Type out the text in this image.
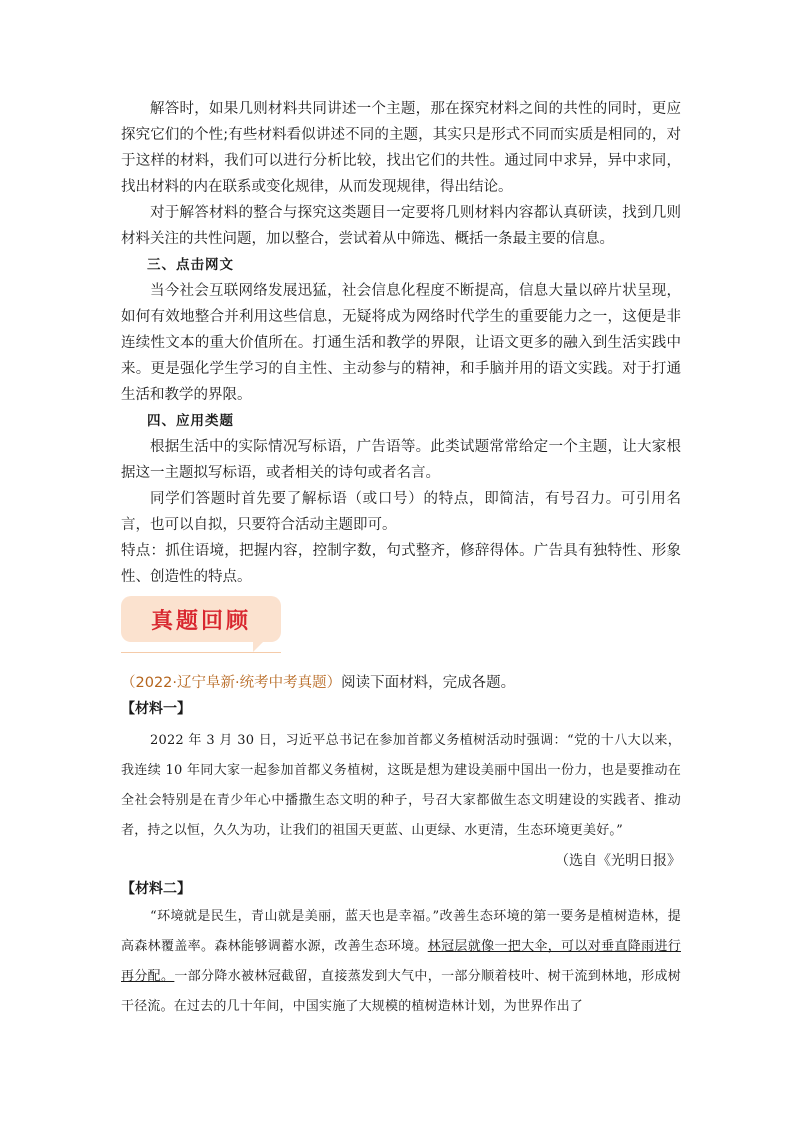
解答时，如果几则材料共同讲述一个主题，那在探究材料之间的共性的同时，更应探究它们的个性;有些材料看似讲述不同的主题，其实只是形式不同而实质是相同的，对于这样的材料，我们可以进行分析比较，找出它们的共性。通过同中求异，异中求同，找出材料的内在联系或变化规律，从而发现规律，得出结论。

对于解答材料的整合与探究这类题目一定要将几则材料内容都认真研读，找到几则材料关注的共性问题，加以整合，尝试着从中筛选、概括一条最主要的信息。

三、点击网文

当今社会互联网络发展迅猛，社会信息化程度不断提高，信息大量以碎片状呈现，如何有效地整合并利用这些信息，无疑将成为网络时代学生的重要能力之一，这便是非连续性文本的重大价值所在。打通生活和教学的界限，让语文更多的融入到生活实践中来。更是强化学生学习的自主性、主动参与的精神，和手脑并用的语文实践。对于打通生活和教学的界限。

四、应用类题

根据生活中的实际情况写标语，广告语等。此类试题常常给定一个主题，让大家根据这一主题拟写标语，或者相关的诗句或者名言。

同学们答题时首先要了解标语（或口号）的特点，即简洁，有号召力。可引用名言，也可以自拟，只要符合活动主题即可。

特点：抓住语境，把握内容，控制字数，句式整齐，修辞得体。广告具有独特性、形象性、创造性的特点。

真题回顾

（2022·辽宁阜新·统考中考真题）阅读下面材料，完成各题。

【材料一】

2022 年 3 月 30 日，习近平总书记在参加首都义务植树活动时强调：“党的十八大以来，我连续 10 年同大家一起参加首都义务植树，这既是想为建设美丽中国出一份力，也是要推动在全社会特别是在青少年心中播撒生态文明的种子，号召大家都做生态文明建设的实践者、推动者，持之以恒，久久为功，让我们的祖国天更蓝、山更绿、水更清，生态环境更美好。”

（选自《光明日报》

【材料二】

“环境就是民生，青山就是美丽，蓝天也是幸福。”改善生态环境的第一要务是植树造林，提高森林覆盖率。森林能够调蓄水源，改善生态环境。林冠层就像一把大伞，可以对垂直降雨进行再分配。一部分降水被林冠截留，直接蒸发到大气中，一部分顺着枝叶、树干流到林地，形成树干径流。在过去的几十年间，中国实施了大规模的植树造林计划，为世界作出了
